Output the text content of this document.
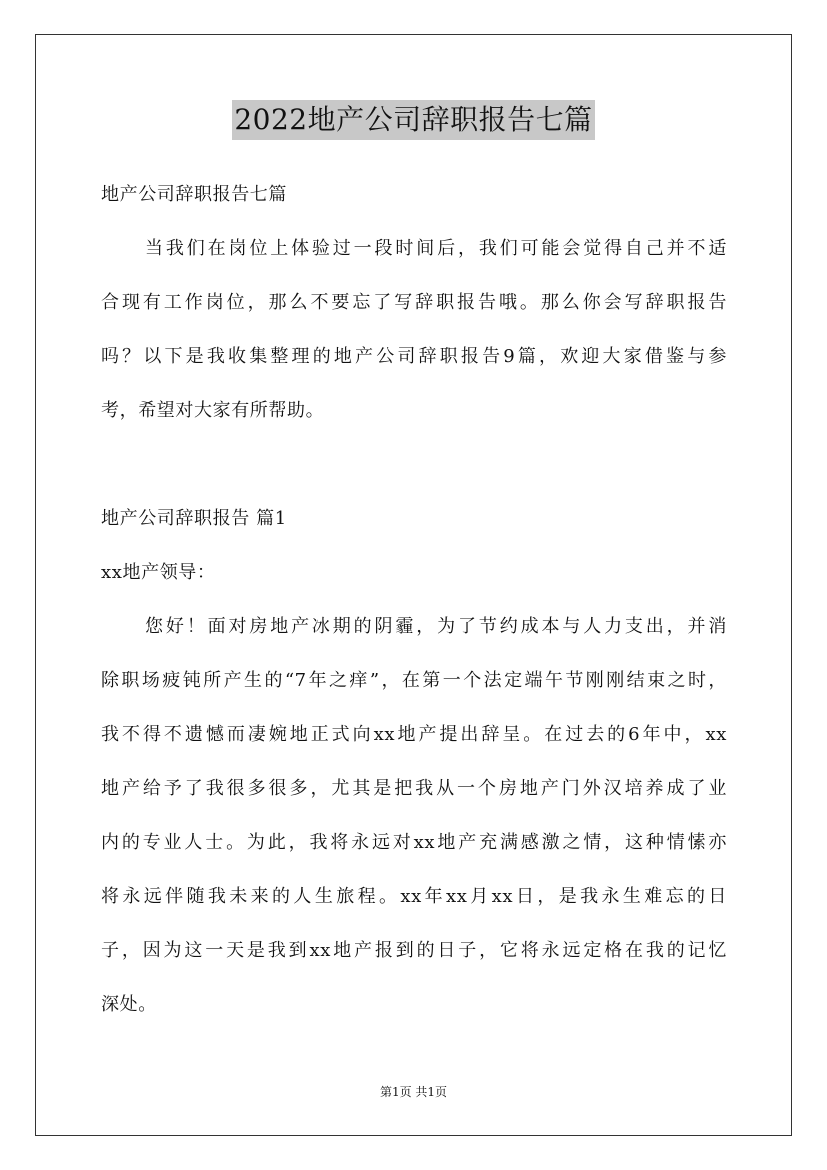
2022地产公司辞职报告七篇
地产公司辞职报告七篇
当我们在岗位上体验过一段时间后，我们可能会觉得自己并不适
合现有工作岗位，那么不要忘了写辞职报告哦。那么你会写辞职报告
吗？以下是我收集整理的地产公司辞职报告9篇，欢迎大家借鉴与参
考，希望对大家有所帮助。
地产公司辞职报告 篇1
xx地产领导：
您好！面对房地产冰期的阴霾，为了节约成本与人力支出，并消
除职场疲钝所产生的“7年之痒”，在第一个法定端午节刚刚结束之时，
我不得不遗憾而凄婉地正式向xx地产提出辞呈。在过去的6年中，xx
地产给予了我很多很多，尤其是把我从一个房地产门外汉培养成了业
内的专业人士。为此，我将永远对xx地产充满感激之情，这种情愫亦
将永远伴随我未来的人生旅程。xx年xx月xx日，是我永生难忘的日
子，因为这一天是我到xx地产报到的日子，它将永远定格在我的记忆
深处。
第1页 共1页
